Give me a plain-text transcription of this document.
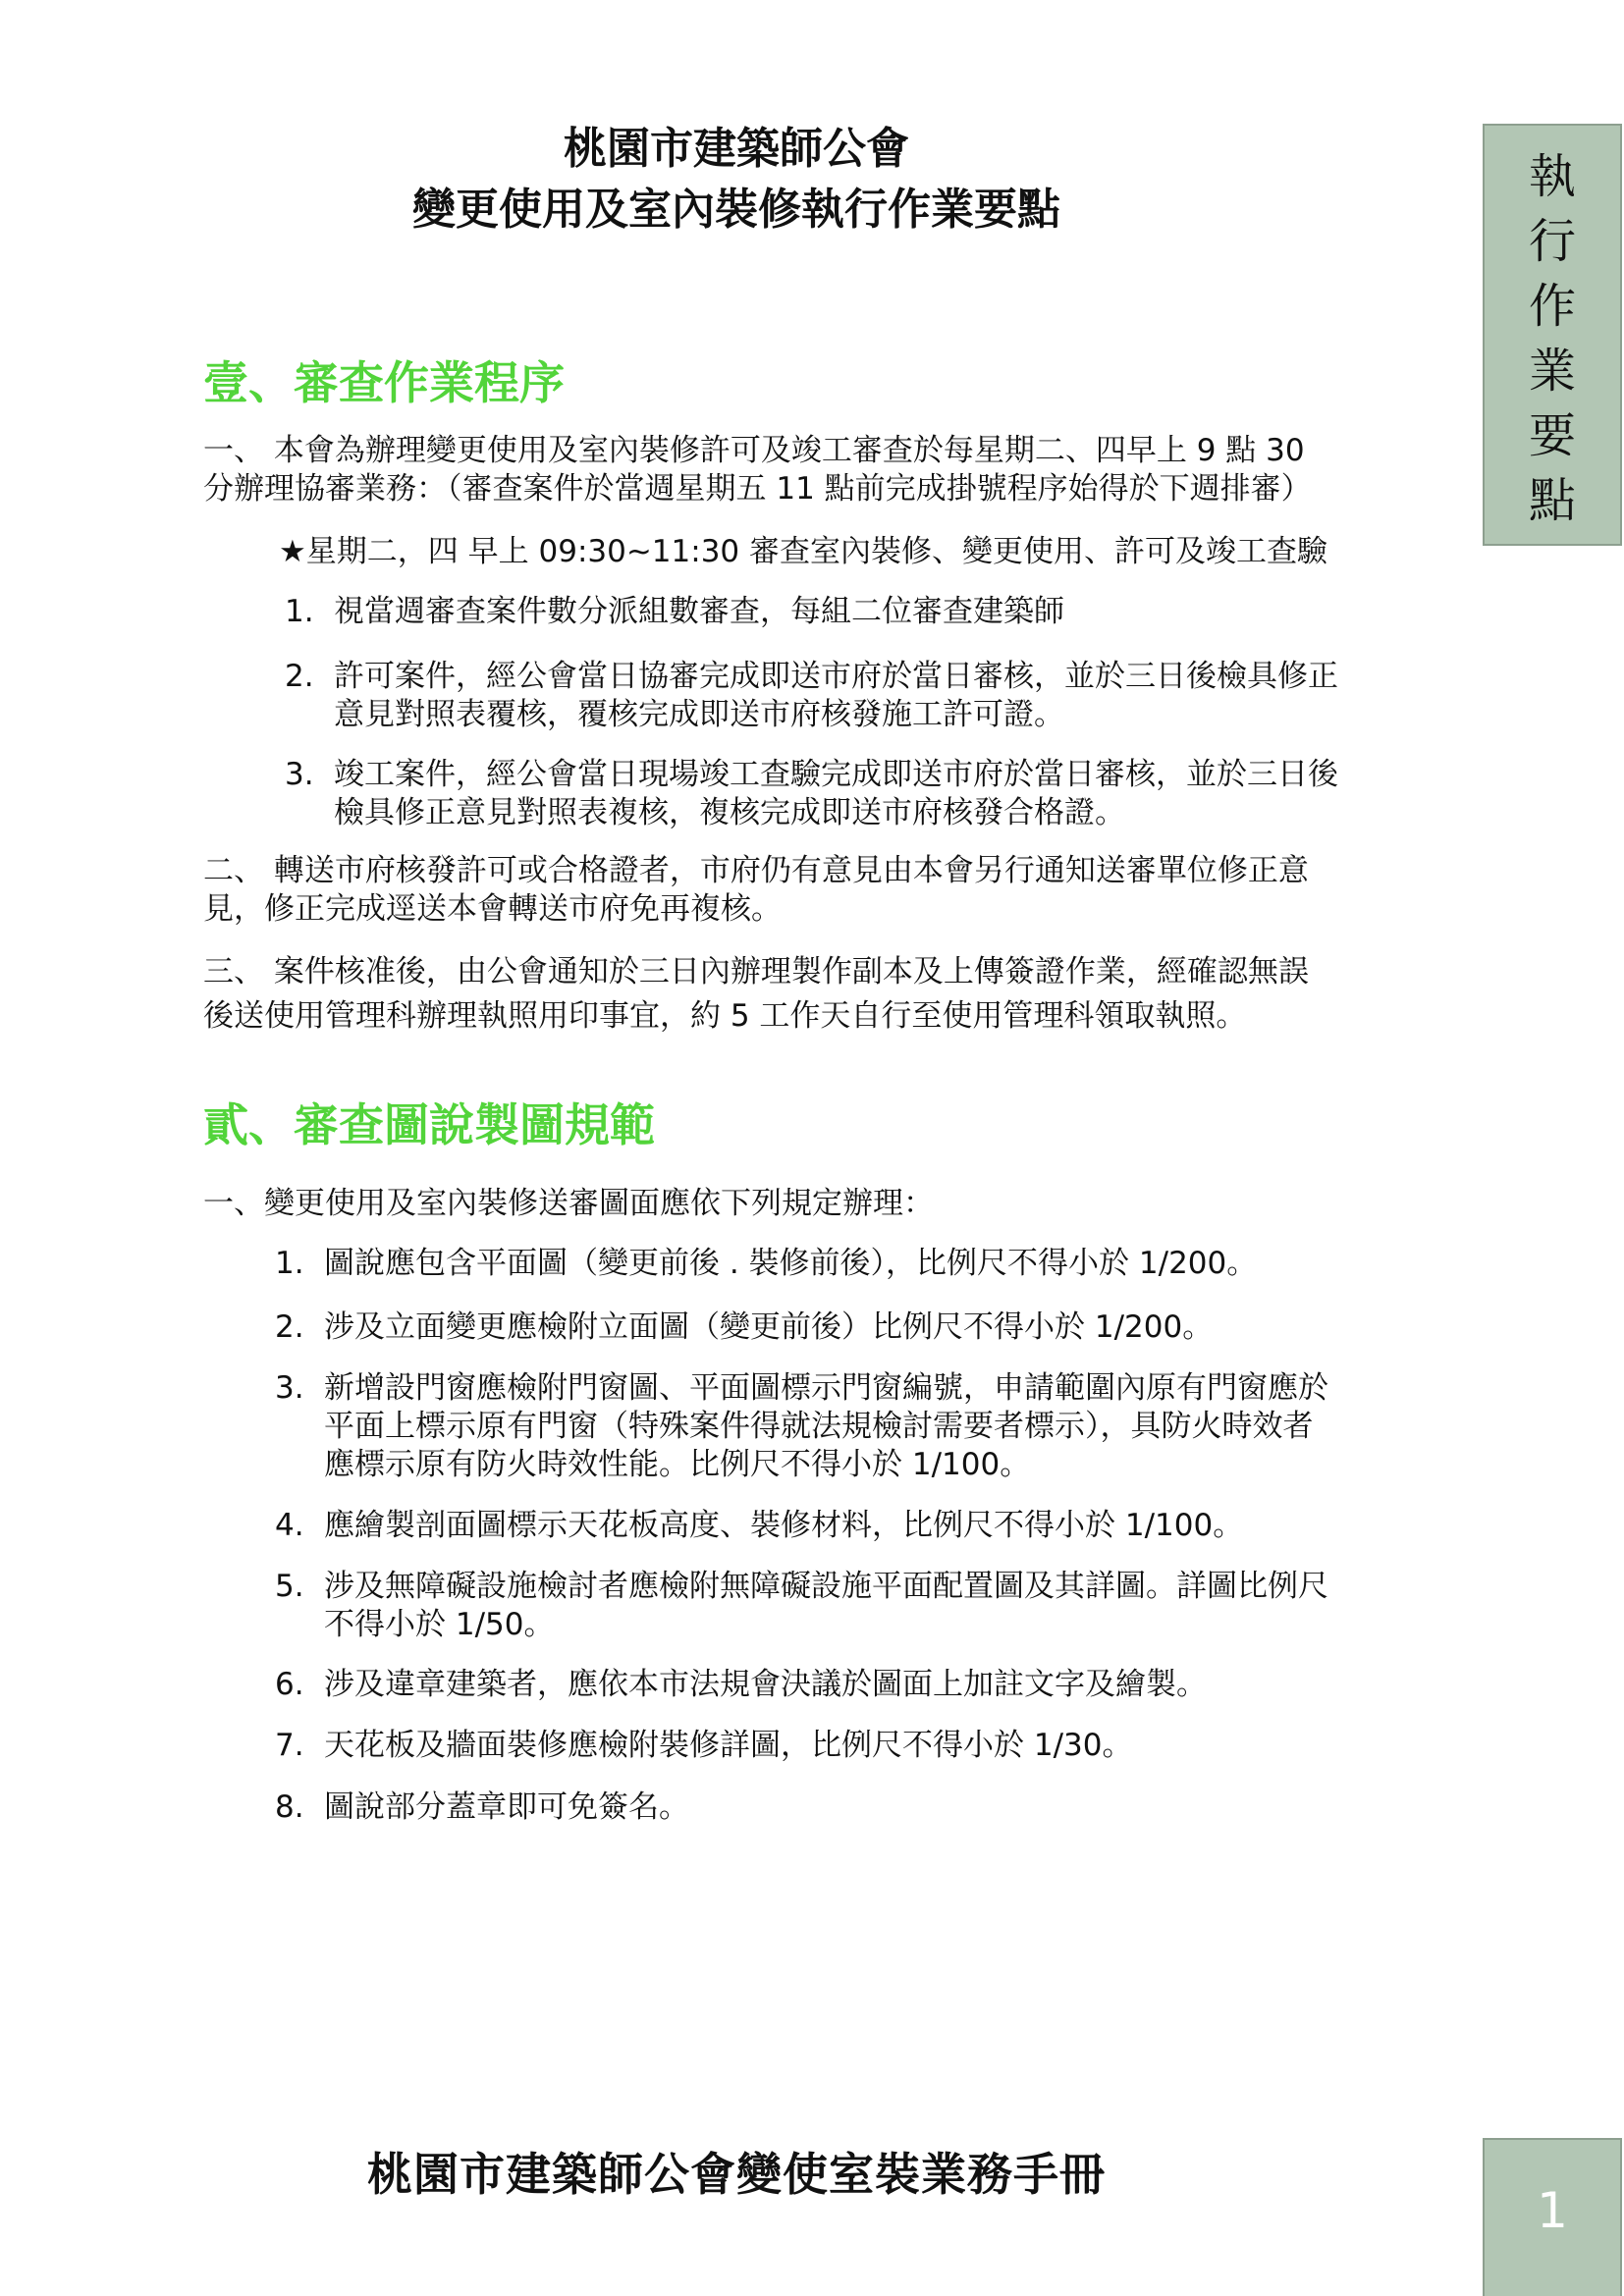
桃園市建築師公會
變更使用及室內裝修執行作業要點
執
行
作
業
要
點
壹、審查作業程序
一、 本會為辦理變更使用及室內裝修許可及竣工審查於每星期二、四早上 9 點 30
分辦理協審業務：（審查案件於當週星期五 11 點前完成掛號程序始得於下週排審）
★星期二，四 早上 09:30~11:30 審查室內裝修、變更使用、許可及竣工查驗
1. 視當週審查案件數分派組數審查，每組二位審查建築師
2. 許可案件，經公會當日協審完成即送市府於當日審核，並於三日後檢具修正
意見對照表覆核，覆核完成即送市府核發施工許可證。
3. 竣工案件，經公會當日現場竣工查驗完成即送市府於當日審核，並於三日後
檢具修正意見對照表複核，複核完成即送市府核發合格證。
二、 轉送市府核發許可或合格證者，市府仍有意見由本會另行通知送審單位修正意
見，修正完成逕送本會轉送市府免再複核。
三、 案件核准後，由公會通知於三日內辦理製作副本及上傳簽證作業，經確認無誤
後送使用管理科辦理執照用印事宜，約 5 工作天自行至使用管理科領取執照。
貳、審查圖說製圖規範
一、變更使用及室內裝修送審圖面應依下列規定辦理：
1. 圖說應包含平面圖（變更前後 . 裝修前後），比例尺不得小於 1/200。
2. 涉及立面變更應檢附立面圖（變更前後）比例尺不得小於 1/200。
3. 新增設門窗應檢附門窗圖、平面圖標示門窗編號，申請範圍內原有門窗應於
平面上標示原有門窗（特殊案件得就法規檢討需要者標示），具防火時效者
應標示原有防火時效性能。比例尺不得小於 1/100。
4. 應繪製剖面圖標示天花板高度、裝修材料，比例尺不得小於 1/100。
5. 涉及無障礙設施檢討者應檢附無障礙設施平面配置圖及其詳圖。詳圖比例尺
不得小於 1/50。
6. 涉及違章建築者，應依本市法規會決議於圖面上加註文字及繪製。
7. 天花板及牆面裝修應檢附裝修詳圖，比例尺不得小於 1/30。
8. 圖說部分蓋章即可免簽名。
桃園市建築師公會變使室裝業務手冊
1
